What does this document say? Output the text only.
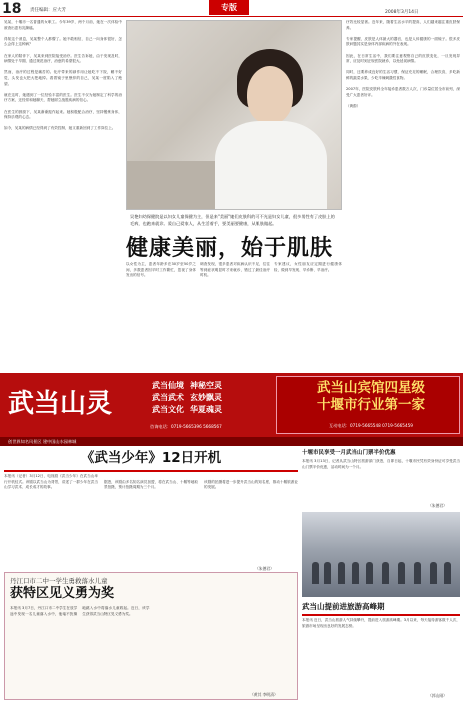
18 责任编辑：应大芳	专版
2008年3月14日
吴某，十堰市一名普通的女职工。今年39岁，两个月前，她在一次体检中被查出患有乳腺癌。

得知这个消息，吴某整个人都懵了。她不敢相信，自己一向身体很好，怎么会得上这种病？

在家人的陪伴下，吴某来到医院接受治疗。医生告诉她，由于发现及时，病情处于早期，通过规范治疗，治愈的希望很大。

然而，治疗的过程是痛苦的。化疗带来的副作用让她吃不下饭，睡不好觉，头发也大把大把地掉。看着镜子里憔悴的自己，吴某一度陷入了绝望。

就在这时，她遇到了一位经验丰富的医生。医生不仅为她制定了科学的治疗方案，还经常和她聊天，帮她树立战胜疾病的信心。

在医生的鼓励下，吴某渐渐振作起来。她积极配合治疗，坚持锻炼身体，保持乐观的心态。

如今，吴某的病情已经得到了有效控制，她又重新回到了工作岗位上。
疗效比较显著。近年来，随着生活水平的提高，人们越来越注重皮肤保养。

专家提醒，皮肤是人体最大的器官，也是人体健康的一面镜子。很多皮肤问题其实是身体内部疾病的外在表现。

因此，在日常生活中，我们要注意观察自己的皮肤变化，一旦发现异常，应及时到正规医院就诊，以免延误病情。

同时，还要养成良好的生活习惯，保证充足的睡眠，合理饮食，多吃新鲜的蔬菜水果，少吃辛辣刺激性食物。

2007年，医院皮肤科全年接诊患者数万人次，门诊量位居全市前列，深受广大患者好评。

（黄蔚）
吴艳妇幼保健院是以妇女儿童保健为主，但是来"美丽"她们皮肤科的可不光是妇女儿童，很多男性有了皮肤上的毛病，也跑来就诊。爱自己爱家人，从生活着手，要美丽要健康，从肌肤做起。
健康美丽，始于肌肤
以女性为主，患者年龄多在30岁至50岁之间，多数患者因平时工作繁忙，忽视了身体发出的信号。
调查发现，很多患者对疾病认识不足，往往等到症状明显时才来就诊，错过了最佳治疗时机。
专家建议，女性朋友应定期进行健康体检，做到早发现、早诊断、早治疗。
武当山灵
武当仙境 神秘空灵
武当武术 玄妙飘灵
武当文化 华夏魂灵
咨询电话：0719-5665396 5668567
武当山宾馆四星级
十堰市行业第一家
互动电话：0719-5665548 0719-5665459
创世界知名风景区 建中国山水园林城
《武当少年》12日开机
本报讯（记者）3月12日，电视剧《武当少年》在武当山举行开机仪式。该剧以武当山为背景，讲述了一群少年在武当山学习武术、成长成才的故事。

据悉，该剧由多名知名演员加盟，将在武当山、十堰等地取景拍摄，预计拍摄周期为三个月。

该剧的拍摄将进一步提升武当山的知名度，推动十堰旅游业的发展。
（朱德君）
十堰市民享受一月武当山门票半价优惠
本报讯 3月13日，记者从武当山特区旅游部门获悉，自即日起，十堰市民凭有效身份证可享受武当山门票半价优惠，活动时间为一个月。
（朱德君）
丹江口市二中一学生勇救落水儿童
获特区见义勇为奖
本报讯 3月7日，丹江口市二中学生在放学途中发现一名儿童落入水中，他毫不犹豫地跳入水中将落水儿童救起。近日，该学生获得武当山特区见义勇为奖。
（黄其 李明清）
武当山提前进旅游高峰期
本报讯 近日，武当山旅游人气持续攀升，提前进入旅游高峰期。3月以来，每天接待游客数千人次，旅游市场呈现出良好的发展态势。
（郭山刚）
